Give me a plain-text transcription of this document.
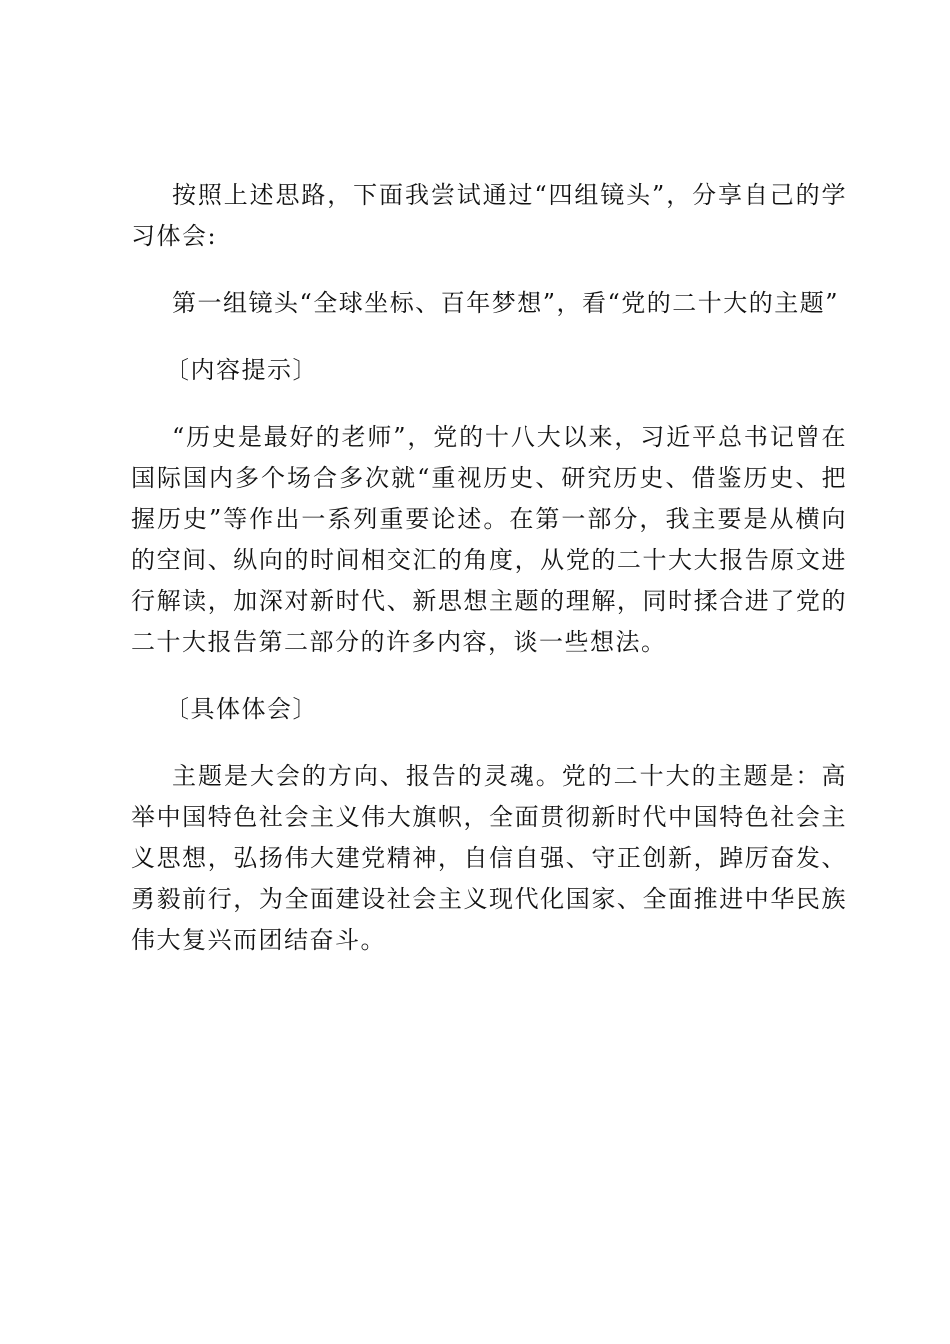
按照上述思路，下面我尝试通过“四组镜头”，分享自己的学习体会:

第一组镜头“全球坐标、百年梦想”，看“党的二十大的主题”

〔内容提示〕

“历史是最好的老师”，党的十八大以来，习近平总书记曾在国际国内多个场合多次就“重视历史、研究历史、借鉴历史、把握历史”等作出一系列重要论述。在第一部分，我主要是从横向的空间、纵向的时间相交汇的角度，从党的二十大大报告原文进行解读，加深对新时代、新思想主题的理解，同时揉合进了党的二十大报告第二部分的许多内容，谈一些想法。

〔具体体会〕

主题是大会的方向、报告的灵魂。党的二十大的主题是：高举中国特色社会主义伟大旗帜，全面贯彻新时代中国特色社会主义思想，弘扬伟大建党精神，自信自强、守正创新，踔厉奋发、勇毅前行，为全面建设社会主义现代化国家、全面推进中华民族伟大复兴而团结奋斗。
